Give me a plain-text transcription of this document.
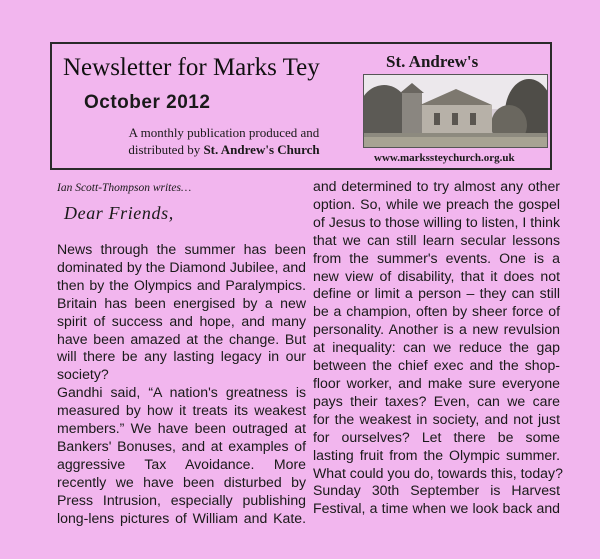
Newsletter for Marks Tey
October 2012
A monthly publication produced and
distributed by St. Andrew's Church
St. Andrew's
www.markssteychurch.org.uk
Ian Scott-Thompson writes…
Dear Friends,
News through the summer has been
dominated by the Diamond Jubilee, and
then by the Olympics and Paralympics.
Britain has been energised by a new
spirit of success and hope, and many
have been amazed at the change. But
will there be any lasting legacy in our
society?
Gandhi said, “A nation's greatness is
measured by how it treats its weakest
members.” We have been outraged at
Bankers' Bonuses, and at examples of
aggressive Tax Avoidance. More
recently we have been disturbed by
Press Intrusion, especially publishing
long-lens pictures of William and Kate.
and determined to try almost any other
option. So, while we preach the gospel
of Jesus to those willing to listen, I think
that we can still learn secular lessons
from the summer's events. One is a
new view of disability, that it does not
define or limit a person – they can still
be a champion, often by sheer force of
personality. Another is a new revulsion
at inequality: can we reduce the gap
between the chief exec and the shop-
floor worker, and make sure everyone
pays their taxes? Even, can we care
for the weakest in society, and not just
for ourselves? Let there be some
lasting fruit from the Olympic summer.
What could you do, towards this, today?
Sunday 30th September is Harvest
Festival, a time when we look back and
